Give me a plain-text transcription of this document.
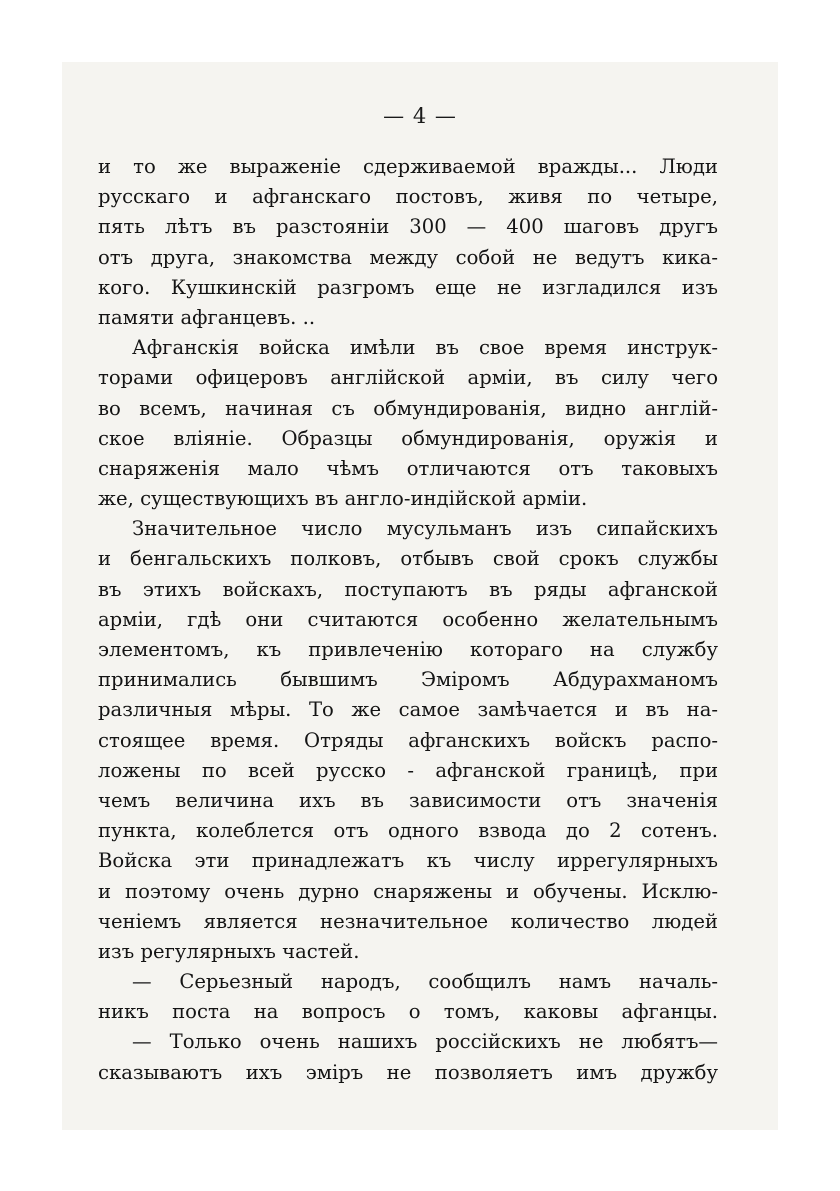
— 4 —
и то же выраженіе сдерживаемой вражды... Люди
русскаго и афганскаго постовъ, живя по четыре,
пять лѣтъ въ разстояніи 300 — 400 шаговъ другъ
отъ друга, знакомства между собой не ведутъ кика-
кого. Кушкинскій разгромъ еще не изгладился изъ
памяти афганцевъ. ..
Афганскія войска имѣли въ свое время инструк-
торами офицеровъ англійской арміи, въ силу чего
во всемъ, начиная съ обмундированія, видно англій-
ское вліяніе. Образцы обмундированія, оружія и
снаряженія мало чѣмъ отличаются отъ таковыхъ
же, существующихъ въ англо-индійской арміи.
Значительное число мусульманъ изъ сипайскихъ
и бенгальскихъ полковъ, отбывъ свой срокъ службы
въ этихъ войскахъ, поступаютъ въ ряды афганской
арміи, гдѣ они считаются особенно желательнымъ
элементомъ, къ привлеченію котораго на службу
принимались бывшимъ Эміромъ Абдурахманомъ
различныя мѣры. То же самое замѣчается и въ на-
стоящее время. Отряды афганскихъ войскъ распо-
ложены по всей русско - афганской границѣ, при
чемъ величина ихъ въ зависимости отъ значенія
пункта, колеблется отъ одного взвода до 2 сотенъ.
Войска эти принадлежатъ къ числу иррегулярныхъ
и поэтому очень дурно снаряжены и обучены. Исклю-
ченіемъ является незначительное количество людей
изъ регулярныхъ частей.
— Серьезный народъ, сообщилъ намъ началь-
никъ поста на вопросъ о томъ, каковы афганцы.
— Только очень нашихъ россійскихъ не любятъ—
сказываютъ ихъ эміръ не позволяетъ имъ дружбу
